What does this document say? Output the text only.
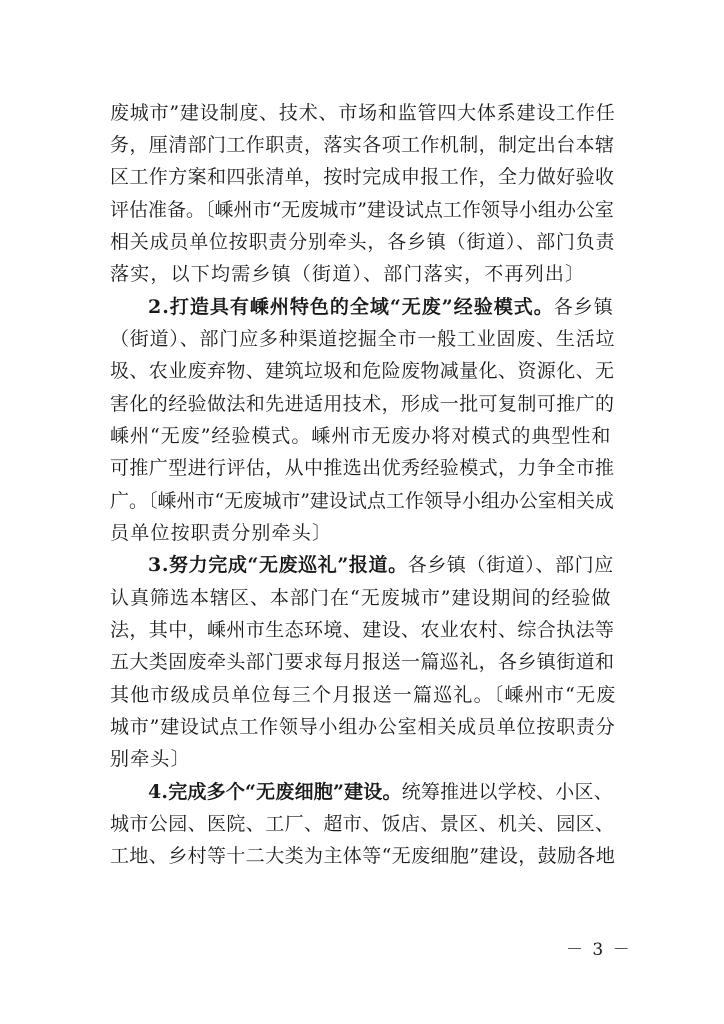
废城市”建设制度、技术、市场和监管四大体系建设工作任
务，厘清部门工作职责，落实各项工作机制，制定出台本辖
区工作方案和四张清单，按时完成申报工作，全力做好验收
评估准备。〔嵊州市“无废城市”建设试点工作领导小组办公室
相关成员单位按职责分别牵头，各乡镇（街道）、部门负责
落实，以下均需乡镇（街道）、部门落实，不再列出〕
2.打造具有嵊州特色的全域“无废”经验模式。各乡镇
（街道）、部门应多种渠道挖掘全市一般工业固废、生活垃
圾、农业废弃物、建筑垃圾和危险废物减量化、资源化、无
害化的经验做法和先进适用技术，形成一批可复制可推广的
嵊州“无废”经验模式。嵊州市无废办将对模式的典型性和
可推广型进行评估，从中推选出优秀经验模式，力争全市推
广。〔嵊州市“无废城市”建设试点工作领导小组办公室相关成
员单位按职责分别牵头〕
3.努力完成“无废巡礼”报道。各乡镇（街道）、部门应
认真筛选本辖区、本部门在“无废城市”建设期间的经验做
法，其中，嵊州市生态环境、建设、农业农村、综合执法等
五大类固废牵头部门要求每月报送一篇巡礼，各乡镇街道和
其他市级成员单位每三个月报送一篇巡礼。〔嵊州市“无废
城市”建设试点工作领导小组办公室相关成员单位按职责分
别牵头〕
4.完成多个“无废细胞”建设。统筹推进以学校、小区、
城市公园、医院、工厂、超市、饭店、景区、机关、园区、
工地、乡村等十二大类为主体等“无废细胞”建设，鼓励各地
－ 3 －
